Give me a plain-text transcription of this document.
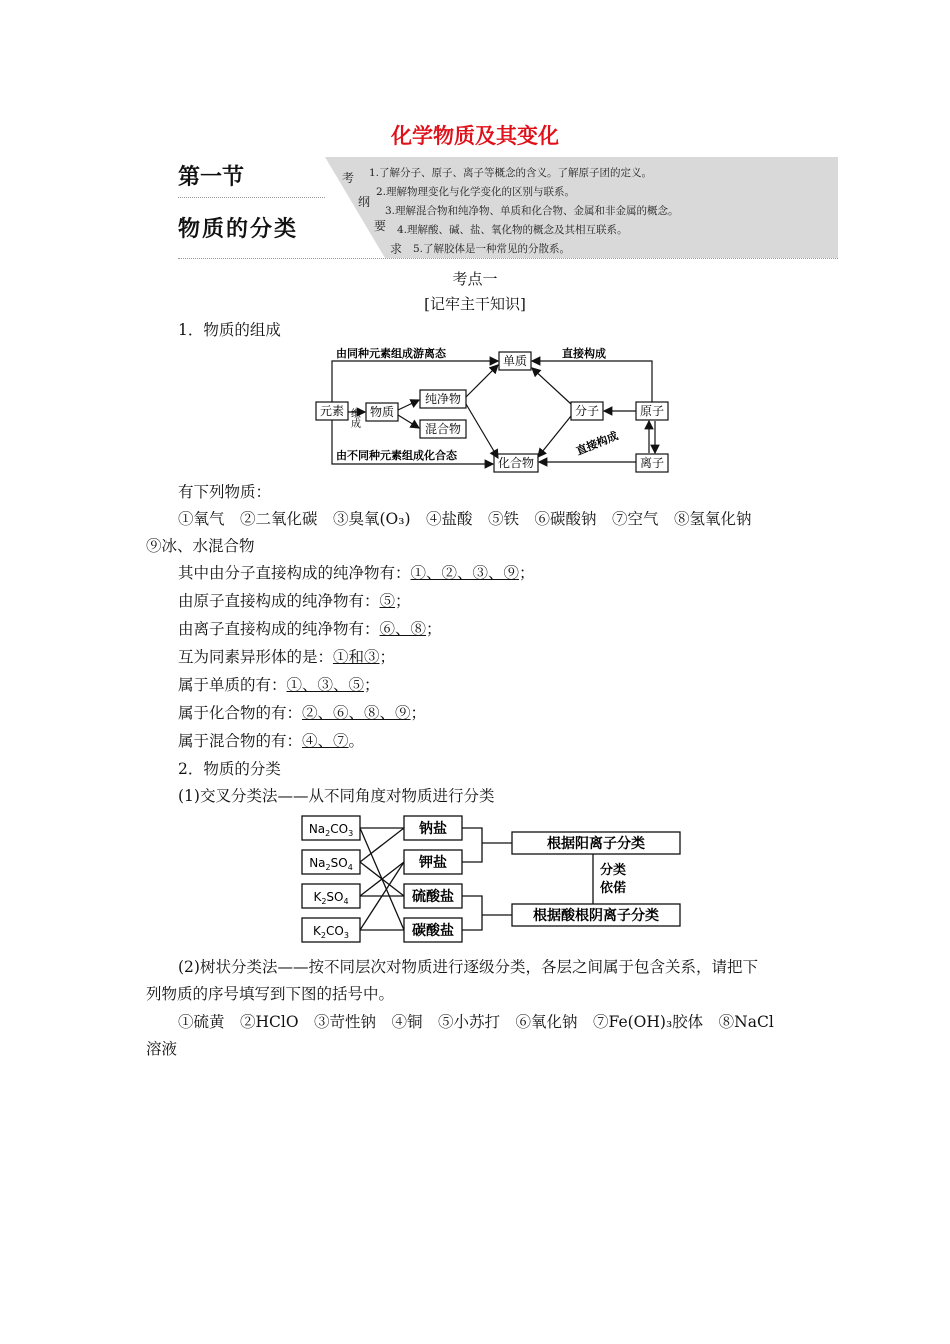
化学物质及其变化
第一节
物质的分类
考
纲
要
求
1.了解分子、原子、离子等概念的含义。了解原子团的定义。
2.理解物理变化与化学变化的区别与联系。
3.理解混合物和纯净物、单质和化合物、金属和非金属的概念。
4.理解酸、碱、盐、氧化物的概念及其相互联系。
5.了解胶体是一种常见的分散系。
考点一
[记牢主干知识]
1．物质的组成
元素 物质
纯净物
混合物
单质
化合物
分子	原子
离子
组成
由同种元素组成游离态
由不同种元素组成化合态
直接构成
直接构成
有下列物质：
①氧气　②二氧化碳　③臭氧(O₃)　④盐酸　⑤铁　⑥碳酸钠　⑦空气　⑧氢氧化钠
⑨冰、水混合物
其中由分子直接构成的纯净物有：①、②、③、⑨；
由原子直接构成的纯净物有：⑤；
由离子直接构成的纯净物有：⑥、⑧；
互为同素异形体的是：①和③；
属于单质的有：①、③、⑤；
属于化合物的有：②、⑥、⑧、⑨；
属于混合物的有：④、⑦。
2．物质的分类
(1)交叉分类法——从不同角度对物质进行分类
$Na_2CO_3$
$Na_2SO_4$
$K_2SO_4$
$K_2CO_3$
钠盐
钾盐
硫酸盐
碳酸盐
根据阳离子分类
根据酸根阴离子分类
分类
依偌
(2)树状分类法——按不同层次对物质进行逐级分类，各层之间属于包含关系，请把下
列物质的序号填写到下图的括号中。
①硫黄　②HClO　③苛性钠　④铜　⑤小苏打　⑥氧化钠　⑦Fe(OH)₃胶体　⑧NaCl
溶液
